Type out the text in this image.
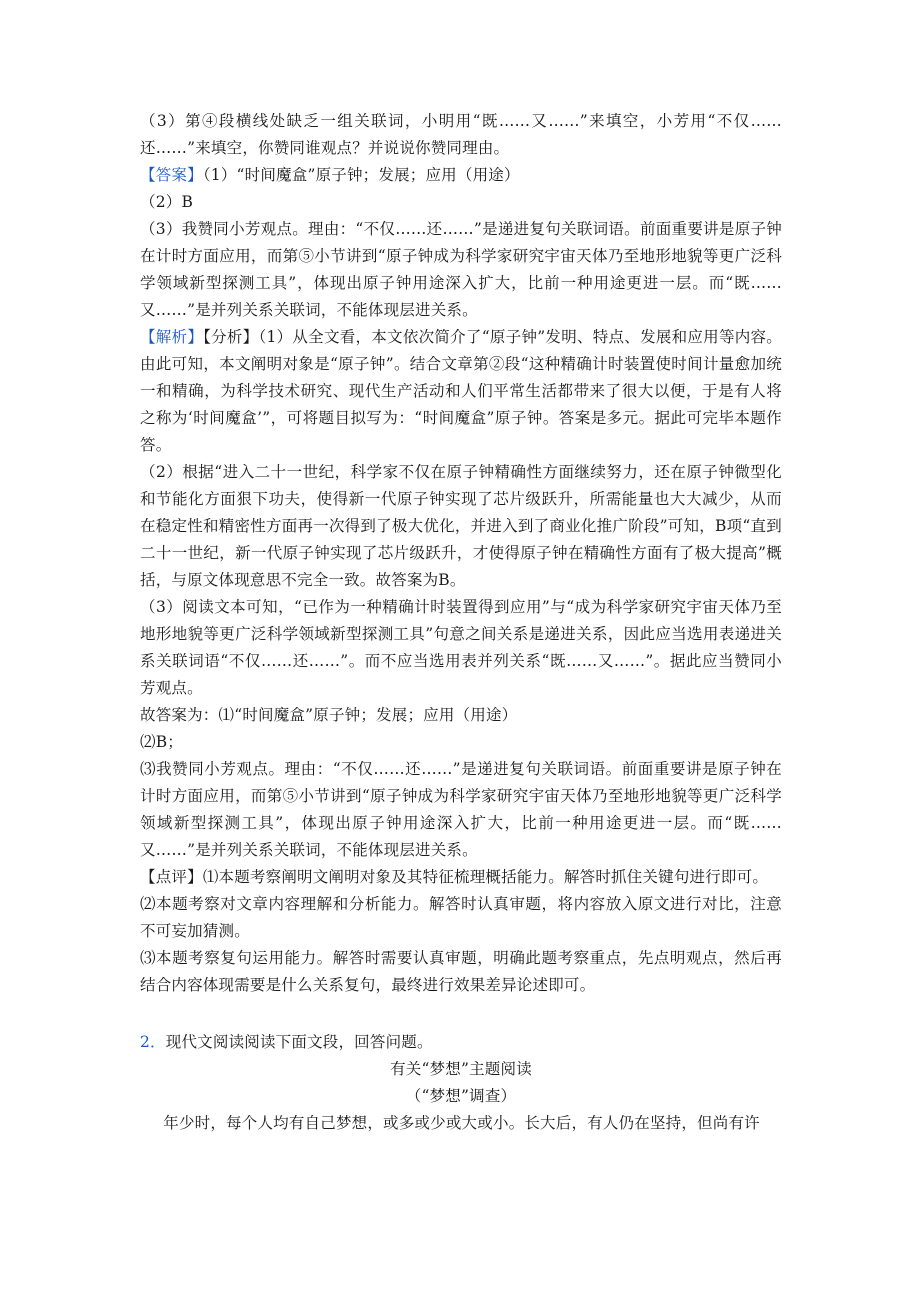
（3）第④段横线处缺乏一组关联词，小明用“既……又……”来填空，小芳用“不仅……还……”来填空，你赞同谁观点？并说说你赞同理由。

【答案】（1）“时间魔盒”原子钟；发展；应用（用途）

（2）B

（3）我赞同小芳观点。理由：“不仅……还……”是递进复句关联词语。前面重要讲是原子钟在计时方面应用，而第⑤小节讲到“原子钟成为科学家研究宇宙天体乃至地形地貌等更广泛科学领域新型探测工具”，体现出原子钟用途深入扩大，比前一种用途更进一层。而“既……又……”是并列关系关联词，不能体现层进关系。

【解析】【分析】（1）从全文看，本文依次简介了“原子钟”发明、特点、发展和应用等内容。由此可知，本文阐明对象是“原子钟”。结合文章第②段“这种精确计时装置使时间计量愈加统一和精确，为科学技术研究、现代生产活动和人们平常生活都带来了很大以便，于是有人将之称为‘时间魔盒’”，可将题目拟写为：“时间魔盒”原子钟。答案是多元。据此可完毕本题作答。

（2）根据“进入二十一世纪，科学家不仅在原子钟精确性方面继续努力，还在原子钟微型化和节能化方面狠下功夫，使得新一代原子钟实现了芯片级跃升，所需能量也大大减少，从而在稳定性和精密性方面再一次得到了极大优化，并进入到了商业化推广阶段”可知，B项“直到二十一世纪，新一代原子钟实现了芯片级跃升，才使得原子钟在精确性方面有了极大提高”概括，与原文体现意思不完全一致。故答案为B。

（3）阅读文本可知，“已作为一种精确计时装置得到应用”与“成为科学家研究宇宙天体乃至地形地貌等更广泛科学领域新型探测工具”句意之间关系是递进关系，因此应当选用表递进关系关联词语“不仅……还……”。而不应当选用表并列关系“既……又……”。据此应当赞同小芳观点。

故答案为：⑴“时间魔盒”原子钟；发展；应用（用途）

⑵B；

⑶我赞同小芳观点。理由：“不仅……还……”是递进复句关联词语。前面重要讲是原子钟在计时方面应用，而第⑤小节讲到“原子钟成为科学家研究宇宙天体乃至地形地貌等更广泛科学领域新型探测工具”，体现出原子钟用途深入扩大，比前一种用途更进一层。而“既……又……”是并列关系关联词，不能体现层进关系。

【点评】⑴本题考察阐明文阐明对象及其特征梳理概括能力。解答时抓住关键句进行即可。

⑵本题考察对文章内容理解和分析能力。解答时认真审题，将内容放入原文进行对比，注意不可妄加猜测。

⑶本题考察复句运用能力。解答时需要认真审题，明确此题考察重点，先点明观点，然后再结合内容体现需要是什么关系复句，最终进行效果差异论述即可。

2．现代文阅读阅读下面文段，回答问题。

有关“梦想”主题阅读

（“梦想”调查）

年少时，每个人均有自己梦想，或多或少或大或小。长大后，有人仍在坚持，但尚有许
